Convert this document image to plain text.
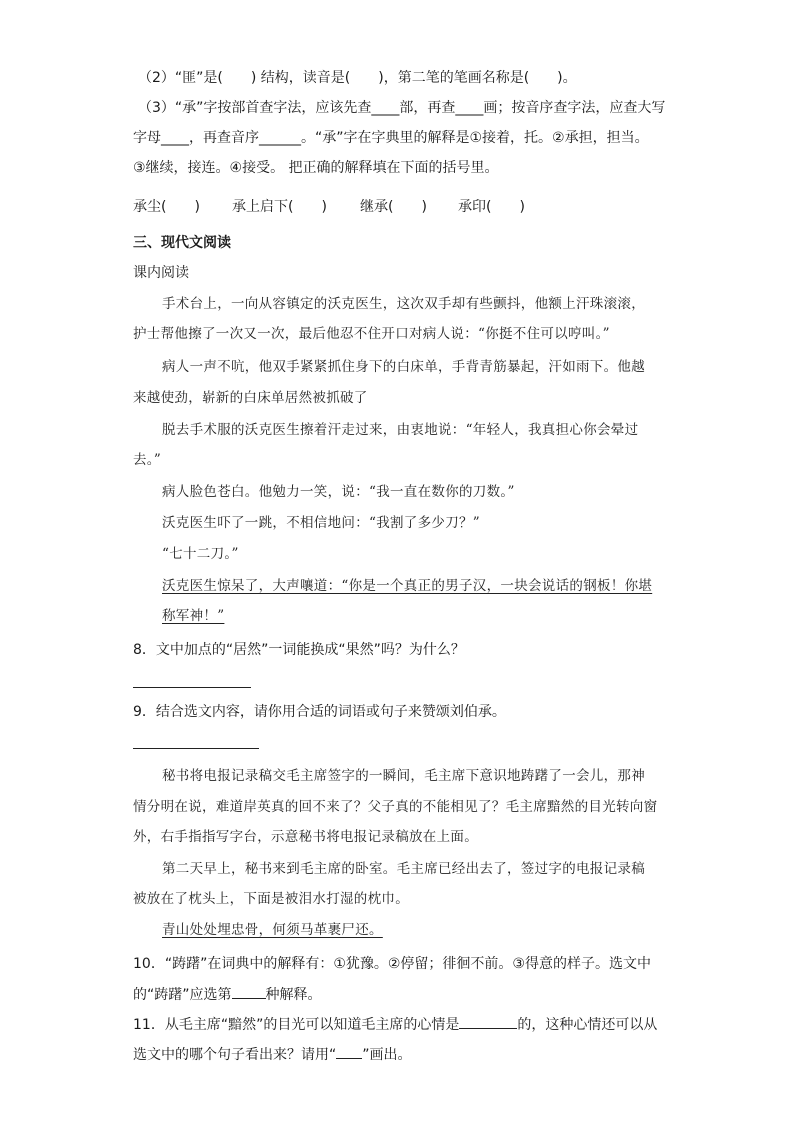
（2）“匪”是(　　) 结构，读音是(　　)，第二笔的笔画名称是(　　)。
（3）“承”字按部首查字法，应该先查____部，再查____画；按音序查字法，应查大写
字母____，再查音序______。“承”字在字典里的解释是①接着，托。②承担，担当。
③继续，接连。④接受。 把正确的解释填在下面的括号里。
承尘(　　) 承上启下(　　) 继承(　　) 承印(　　)
三、现代文阅读
课内阅读
手术台上，一向从容镇定的沃克医生，这次双手却有些颤抖，他额上汗珠滚滚，
护士帮他擦了一次又一次，最后他忍不住开口对病人说：“你挺不住可以哼叫。”
病人一声不吭，他双手紧紧抓住身下的白床单，手背青筋暴起，汗如雨下。他越
来越使劲，崭新的白床单居然被抓破了
脱去手术服的沃克医生擦着汗走过来，由衷地说：“年轻人，我真担心你会晕过
去。”
病人脸色苍白。他勉力一笑，说：“我一直在数你的刀数。”
沃克医生吓了一跳，不相信地问：“我割了多少刀？”
“七十二刀。”
沃克医生惊呆了，大声嚷道：“你是一个真正的男子汉，一块会说话的钢板！你堪
称军神！”
8．文中加点的“居然”一词能换成“果然”吗？为什么？
9．结合选文内容，请你用合适的词语或句子来赞颂刘伯承。
秘书将电报记录稿交毛主席签字的一瞬间，毛主席下意识地踌躇了一会儿，那神
情分明在说，难道岸英真的回不来了？父子真的不能相见了？毛主席黯然的目光转向窗
外，右手指指写字台，示意秘书将电报记录稿放在上面。
第二天早上，秘书来到毛主席的卧室。毛主席已经出去了，签过字的电报记录稿
被放在了枕头上，下面是被泪水打湿的枕巾。
青山处处埋忠骨，何须马革裹尸还。
10．“踌躇”在词典中的解释有：①犹豫。②停留；徘徊不前。③得意的样子。选文中
的“踌躇”应选第 种解释。
11．从毛主席“黯然”的目光可以知道毛主席的心情是	的，这种心情还可以从
选文中的哪个句子看出来？请用“ ”画出。
